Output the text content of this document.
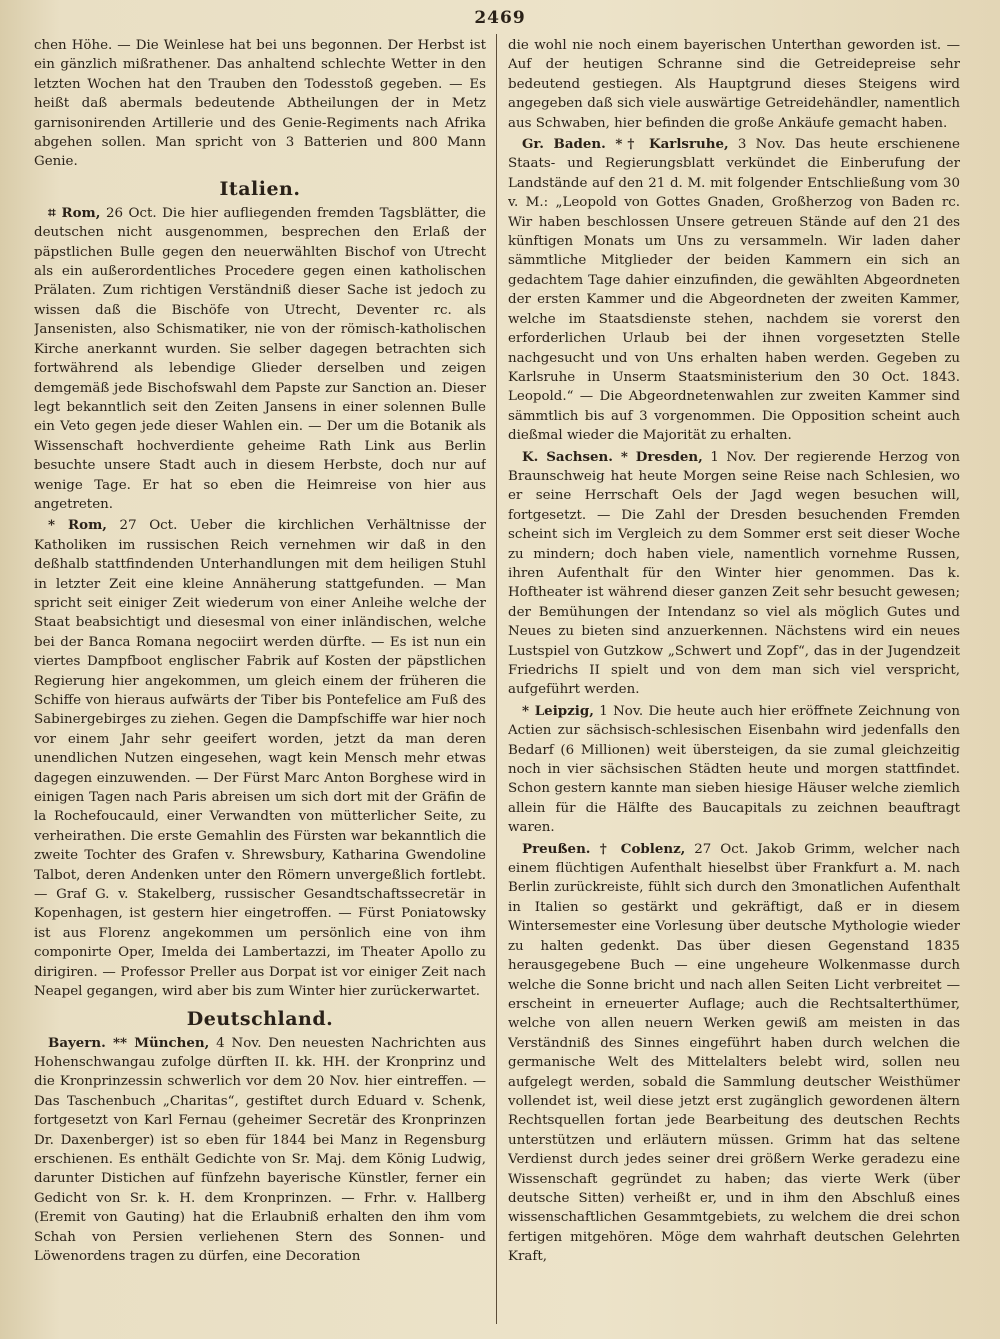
2469

chen Höhe. — Die Weinlese hat bei uns begonnen. Der Herbst ist ein gänzlich mißrathener. Das anhaltend schlechte Wetter in den letzten Wochen hat den Trauben den Todesstoß gegeben. — Es heißt daß abermals bedeutende Abtheilungen der in Metz garnisonirenden Artillerie und des Genie-Regiments nach Afrika abgehen sollen. Man spricht von 3 Batterien und 800 Mann Genie.

Italien.

⌗ Rom, 26 Oct. Die hier aufliegenden fremden Tagsblätter, die deutschen nicht ausgenommen, besprechen den Erlaß der päpstlichen Bulle gegen den neuerwählten Bischof von Utrecht als ein außerordentliches Procedere gegen einen katholischen Prälaten. Zum richtigen Verständniß dieser Sache ist jedoch zu wissen daß die Bischöfe von Utrecht, Deventer rc. als Jansenisten, also Schismatiker, nie von der römisch-katholischen Kirche anerkannt wurden. Sie selber dagegen betrachten sich fortwährend als lebendige Glieder derselben und zeigen demgemäß jede Bischofswahl dem Papste zur Sanction an. Dieser legt bekanntlich seit den Zeiten Jansens in einer solennen Bulle ein Veto gegen jede dieser Wahlen ein. — Der um die Botanik als Wissenschaft hochverdiente geheime Rath Link aus Berlin besuchte unsere Stadt auch in diesem Herbste, doch nur auf wenige Tage. Er hat so eben die Heimreise von hier aus angetreten.

* Rom, 27 Oct. Ueber die kirchlichen Verhältnisse der Katholiken im russischen Reich vernehmen wir daß in den deßhalb stattfindenden Unterhandlungen mit dem heiligen Stuhl in letzter Zeit eine kleine Annäherung stattgefunden. — Man spricht seit einiger Zeit wiederum von einer Anleihe welche der Staat beabsichtigt und diesesmal von einer inländischen, welche bei der Banca Romana negociirt werden dürfte. — Es ist nun ein viertes Dampfboot englischer Fabrik auf Kosten der päpstlichen Regierung hier angekommen, um gleich einem der früheren die Schiffe von hieraus aufwärts der Tiber bis Pontefelice am Fuß des Sabinergebirges zu ziehen. Gegen die Dampfschiffe war hier noch vor einem Jahr sehr geeifert worden, jetzt da man deren unendlichen Nutzen eingesehen, wagt kein Mensch mehr etwas dagegen einzuwenden. — Der Fürst Marc Anton Borghese wird in einigen Tagen nach Paris abreisen um sich dort mit der Gräfin de la Rochefoucauld, einer Verwandten von mütterlicher Seite, zu verheirathen. Die erste Gemahlin des Fürsten war bekanntlich die zweite Tochter des Grafen v. Shrewsbury, Katharina Gwendoline Talbot, deren Andenken unter den Römern unvergeßlich fortlebt. — Graf G. v. Stakelberg, russischer Gesandtschaftssecretär in Kopenhagen, ist gestern hier eingetroffen. — Fürst Poniatowsky ist aus Florenz angekommen um persönlich eine von ihm componirte Oper, Imelda dei Lambertazzi, im Theater Apollo zu dirigiren. — Professor Preller aus Dorpat ist vor einiger Zeit nach Neapel gegangen, wird aber bis zum Winter hier zurückerwartet.

Deutschland.

Bayern. ** München, 4 Nov. Den neuesten Nachrichten aus Hohenschwangau zufolge dürften II. kk. HH. der Kronprinz und die Kronprinzessin schwerlich vor dem 20 Nov. hier eintreffen. — Das Taschenbuch „Charitas“, gestiftet durch Eduard v. Schenk, fortgesetzt von Karl Fernau (geheimer Secretär des Kronprinzen Dr. Daxenberger) ist so eben für 1844 bei Manz in Regensburg erschienen. Es enthält Gedichte von Sr. Maj. dem König Ludwig, darunter Distichen auf fünfzehn bayerische Künstler, ferner ein Gedicht von Sr. k. H. dem Kronprinzen. — Frhr. v. Hallberg (Eremit von Gauting) hat die Erlaubniß erhalten den ihm vom Schah von Persien verliehenen Stern des Sonnen- und Löwenordens tragen zu dürfen, eine Decoration

die wohl nie noch einem bayerischen Unterthan geworden ist. — Auf der heutigen Schranne sind die Getreidepreise sehr bedeutend gestiegen. Als Hauptgrund dieses Steigens wird angegeben daß sich viele auswärtige Getreidehändler, namentlich aus Schwaben, hier befinden die große Ankäufe gemacht haben.

Gr. Baden. *† Karlsruhe, 3 Nov. Das heute erschienene Staats- und Regierungsblatt verkündet die Einberufung der Landstände auf den 21 d. M. mit folgender Entschließung vom 30 v. M.: „Leopold von Gottes Gnaden, Großherzog von Baden rc. Wir haben beschlossen Unsere getreuen Stände auf den 21 des künftigen Monats um Uns zu versammeln. Wir laden daher sämmtliche Mitglieder der beiden Kammern ein sich an gedachtem Tage dahier einzufinden, die gewählten Abgeordneten der ersten Kammer und die Abgeordneten der zweiten Kammer, welche im Staatsdienste stehen, nachdem sie vorerst den erforderlichen Urlaub bei der ihnen vorgesetzten Stelle nachgesucht und von Uns erhalten haben werden. Gegeben zu Karlsruhe in Unserm Staatsministerium den 30 Oct. 1843. Leopold.“ — Die Abgeordnetenwahlen zur zweiten Kammer sind sämmtlich bis auf 3 vorgenommen. Die Opposition scheint auch dießmal wieder die Majorität zu erhalten.

K. Sachsen. * Dresden, 1 Nov. Der regierende Herzog von Braunschweig hat heute Morgen seine Reise nach Schlesien, wo er seine Herrschaft Oels der Jagd wegen besuchen will, fortgesetzt. — Die Zahl der Dresden besuchenden Fremden scheint sich im Vergleich zu dem Sommer erst seit dieser Woche zu mindern; doch haben viele, namentlich vornehme Russen, ihren Aufenthalt für den Winter hier genommen. Das k. Hoftheater ist während dieser ganzen Zeit sehr besucht gewesen; der Bemühungen der Intendanz so viel als möglich Gutes und Neues zu bieten sind anzuerkennen. Nächstens wird ein neues Lustspiel von Gutzkow „Schwert und Zopf“, das in der Jugendzeit Friedrichs II spielt und von dem man sich viel verspricht, aufgeführt werden.

* Leipzig, 1 Nov. Die heute auch hier eröffnete Zeichnung von Actien zur sächsisch-schlesischen Eisenbahn wird jedenfalls den Bedarf (6 Millionen) weit übersteigen, da sie zumal gleichzeitig noch in vier sächsischen Städten heute und morgen stattfindet. Schon gestern kannte man sieben hiesige Häuser welche ziemlich allein für die Hälfte des Baucapitals zu zeichnen beauftragt waren.

Preußen. † Coblenz, 27 Oct. Jakob Grimm, welcher nach einem flüchtigen Aufenthalt hieselbst über Frankfurt a. M. nach Berlin zurückreiste, fühlt sich durch den 3monatlichen Aufenthalt in Italien so gestärkt und gekräftigt, daß er in diesem Wintersemester eine Vorlesung über deutsche Mythologie wieder zu halten gedenkt. Das über diesen Gegenstand 1835 herausgegebene Buch — eine ungeheure Wolkenmasse durch welche die Sonne bricht und nach allen Seiten Licht verbreitet — erscheint in erneuerter Auflage; auch die Rechtsalterthümer, welche von allen neuern Werken gewiß am meisten in das Verständniß des Sinnes eingeführt haben durch welchen die germanische Welt des Mittelalters belebt wird, sollen neu aufgelegt werden, sobald die Sammlung deutscher Weisthümer vollendet ist, weil diese jetzt erst zugänglich gewordenen ältern Rechtsquellen fortan jede Bearbeitung des deutschen Rechts unterstützen und erläutern müssen. Grimm hat das seltene Verdienst durch jedes seiner drei größern Werke geradezu eine Wissenschaft gegründet zu haben; das vierte Werk (über deutsche Sitten) verheißt er, und in ihm den Abschluß eines wissenschaftlichen Gesammtgebiets, zu welchem die drei schon fertigen mitgehören. Möge dem wahrhaft deutschen Gelehrten Kraft,
